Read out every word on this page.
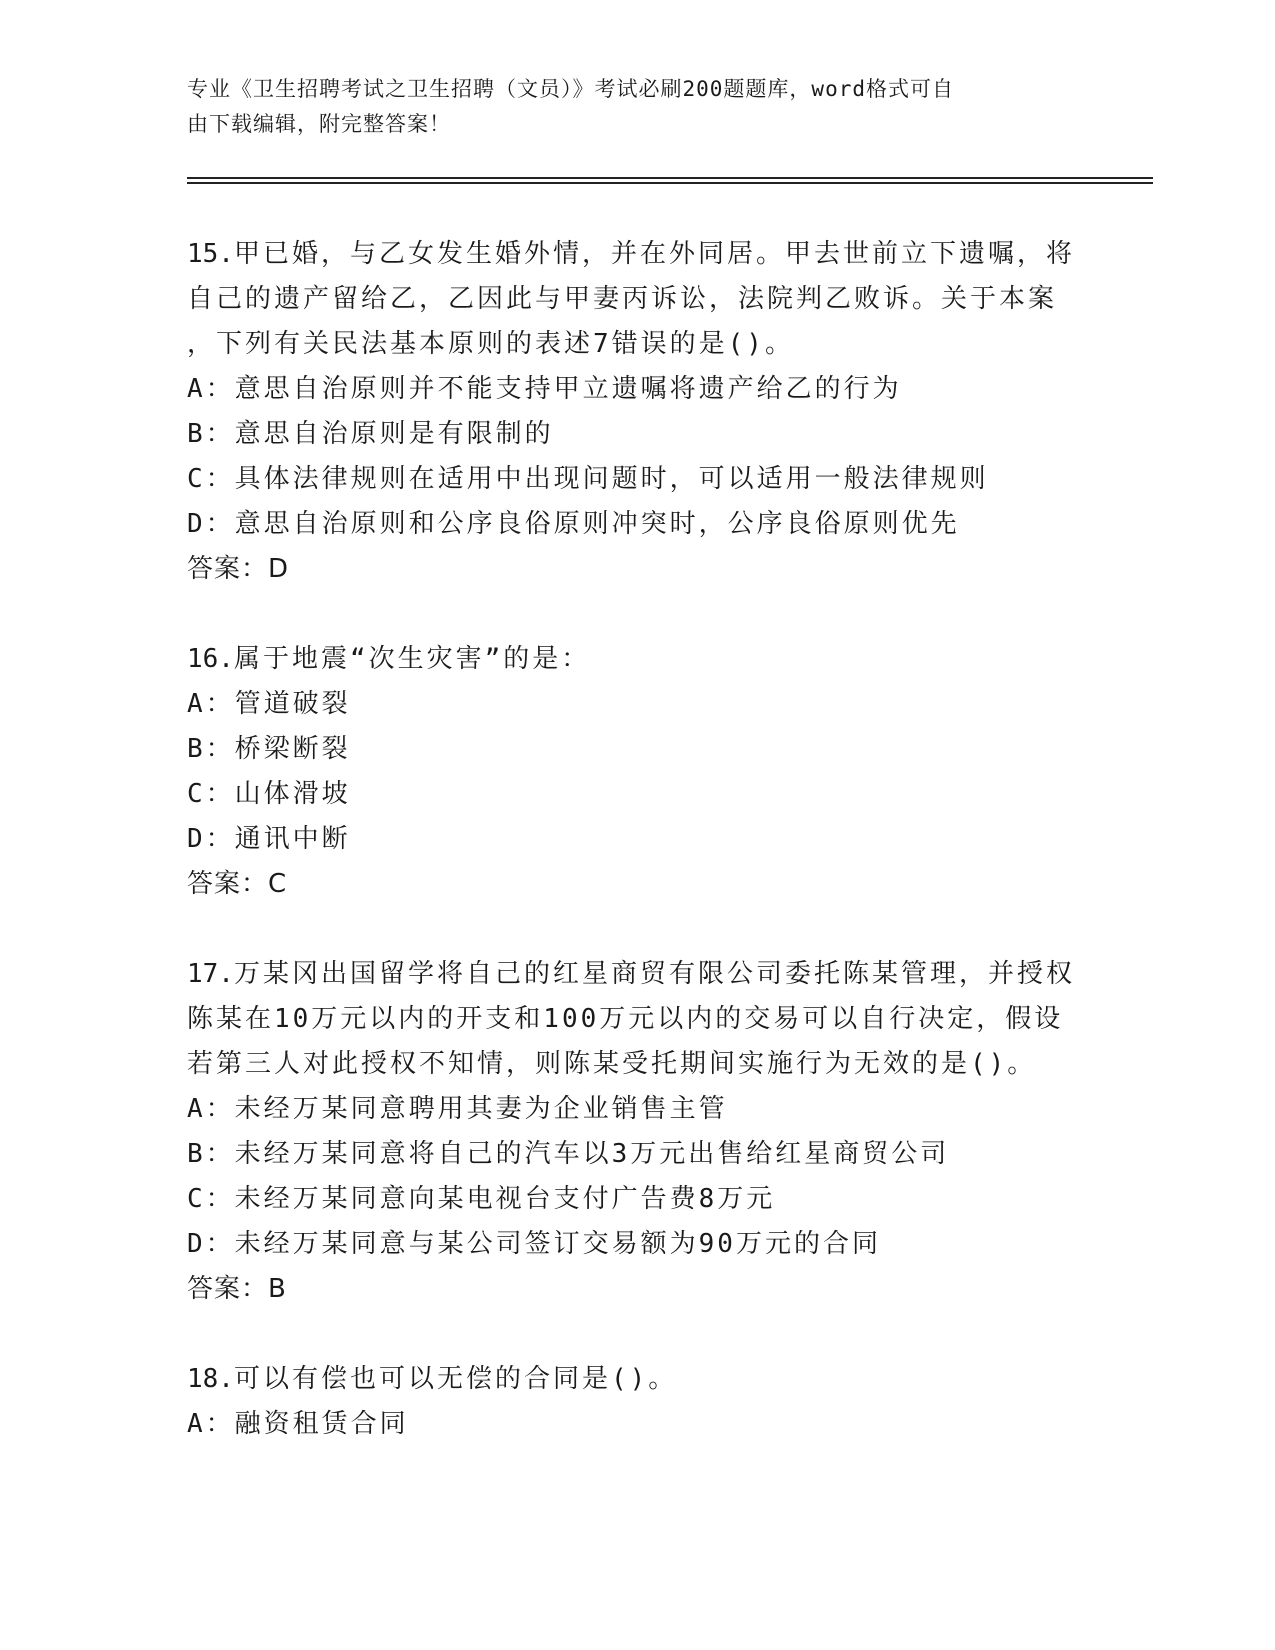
专业《卫生招聘考试之卫生招聘（文员）》考试必刷200题题库，word格式可自
由下载编辑，附完整答案！
15.甲已婚，与乙女发生婚外情，并在外同居。甲去世前立下遗嘱，将
自己的遗产留给乙，乙因此与甲妻丙诉讼，法院判乙败诉。关于本案
，下列有关民法基本原则的表述7错误的是()。
A：意思自治原则并不能支持甲立遗嘱将遗产给乙的行为
B：意思自治原则是有限制的
C：具体法律规则在适用中出现问题时，可以适用一般法律规则
D：意思自治原则和公序良俗原则冲突时，公序良俗原则优先
答案：D
16.属于地震“次生灾害”的是：
A：管道破裂
B：桥梁断裂
C：山体滑坡
D：通讯中断
答案：C
17.万某冈出国留学将自己的红星商贸有限公司委托陈某管理，并授权
陈某在10万元以内的开支和100万元以内的交易可以自行决定，假设
若第三人对此授权不知情，则陈某受托期间实施行为无效的是()。
A：未经万某同意聘用其妻为企业销售主管
B：未经万某同意将自己的汽车以3万元出售给红星商贸公司
C：未经万某同意向某电视台支付广告费8万元
D：未经万某同意与某公司签订交易额为90万元的合同
答案：B
18.可以有偿也可以无偿的合同是()。
A：融资租赁合同
